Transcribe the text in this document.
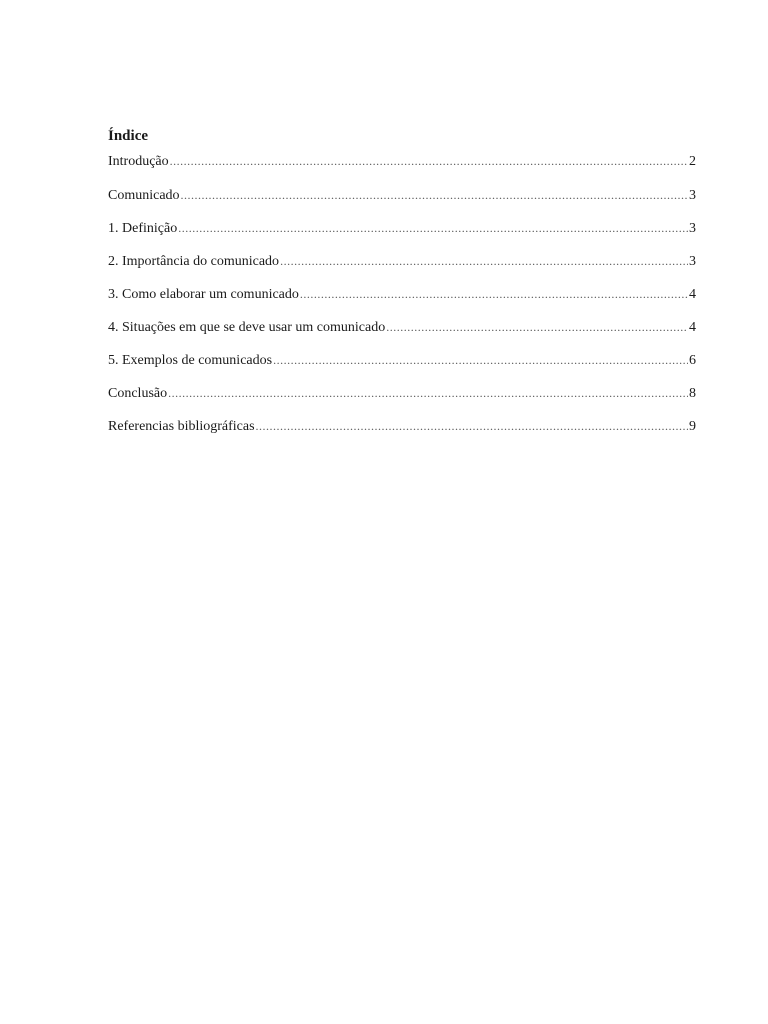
Índice
Introdução .....	2
Comunicado .....	3
1. Definição .....	3
2. Importância do comunicado .....	3
3. Como elaborar um comunicado .....	4
4. Situações em que se deve usar um comunicado .....	4
5. Exemplos de comunicados .....	6
Conclusão .....	8
Referencias bibliográficas .....	9
